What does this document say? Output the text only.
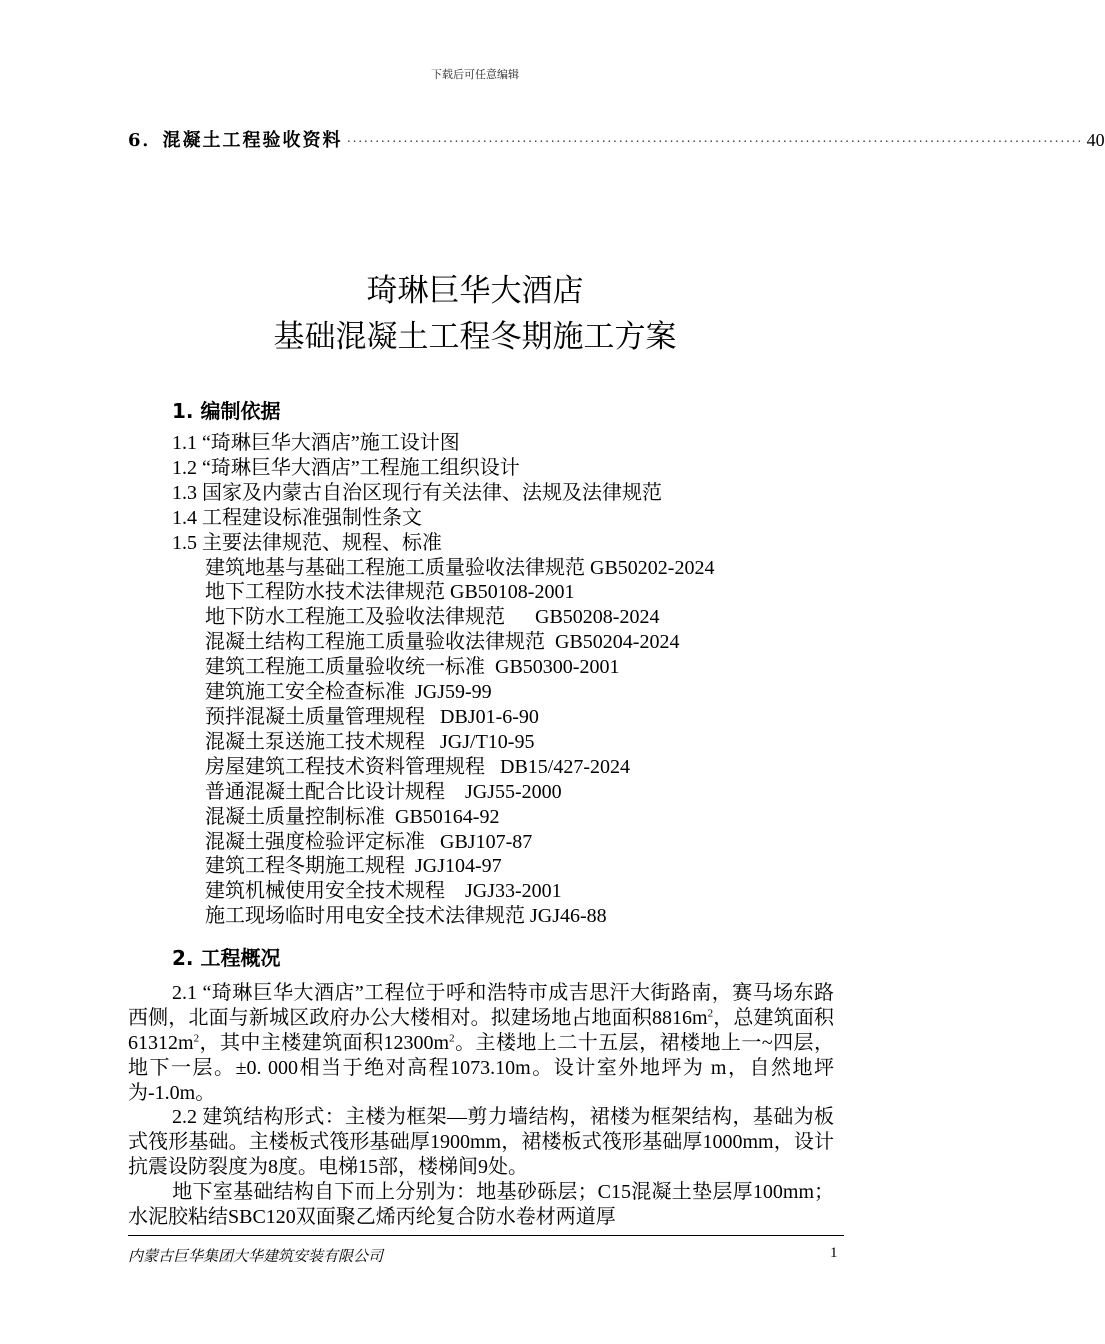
下载后可任意编辑
6．混凝土工程验收资料 ·································································································································· 40
琦琳巨华大酒店
基础混凝土工程冬期施工方案
1. 编制依据
1.1 “琦琳巨华大酒店”施工设计图
1.2 “琦琳巨华大酒店”工程施工组织设计
1.3 国家及内蒙古自治区现行有关法律、法规及法律规范
1.4 工程建设标准强制性条文
1.5 主要法律规范、规程、标准
建筑地基与基础工程施工质量验收法律规范 GB50202-2024
地下工程防水技术法律规范 GB50108-2001
地下防水工程施工及验收法律规范      GB50208-2024
混凝土结构工程施工质量验收法律规范  GB50204-2024
建筑工程施工质量验收统一标准  GB50300-2001
建筑施工安全检查标准  JGJ59-99
预拌混凝土质量管理规程   DBJ01-6-90
混凝土泵送施工技术规程   JGJ/T10-95
房屋建筑工程技术资料管理规程   DB15/427-2024
普通混凝土配合比设计规程    JGJ55-2000
混凝土质量控制标准  GB50164-92
混凝土强度检验评定标准   GBJ107-87
建筑工程冬期施工规程  JGJ104-97
建筑机械使用安全技术规程    JGJ33-2001
施工现场临时用电安全技术法律规范 JGJ46-88
2. 工程概况
2.1 “琦琳巨华大酒店”工程位于呼和浩特市成吉思汗大街路南，赛马场东路西侧，北面与新城区政府办公大楼相对。拟建场地占地面积$8816m^2$，总建筑面积$61312m^2$，其中主楼建筑面积$12300m^2$。主楼地上二十五层，裙楼地上一~四层，地下一层。±0. 000相当于绝对高程1073.10m。设计室外地坪为 m，自然地坪为-1.0m。
2.2 建筑结构形式：主楼为框架—剪力墙结构，裙楼为框架结构，基础为板式筏形基础。主楼板式筏形基础厚1900mm，裙楼板式筏形基础厚1000mm，设计抗震设防裂度为8度。电梯15部，楼梯间9处。
地下室基础结构自下而上分别为：地基砂砾层；C15混凝土垫层厚100mm；水泥胶粘结SBC120双面聚乙烯丙纶复合防水卷材两道厚
内蒙古巨华集团大华建筑安装有限公司	1
